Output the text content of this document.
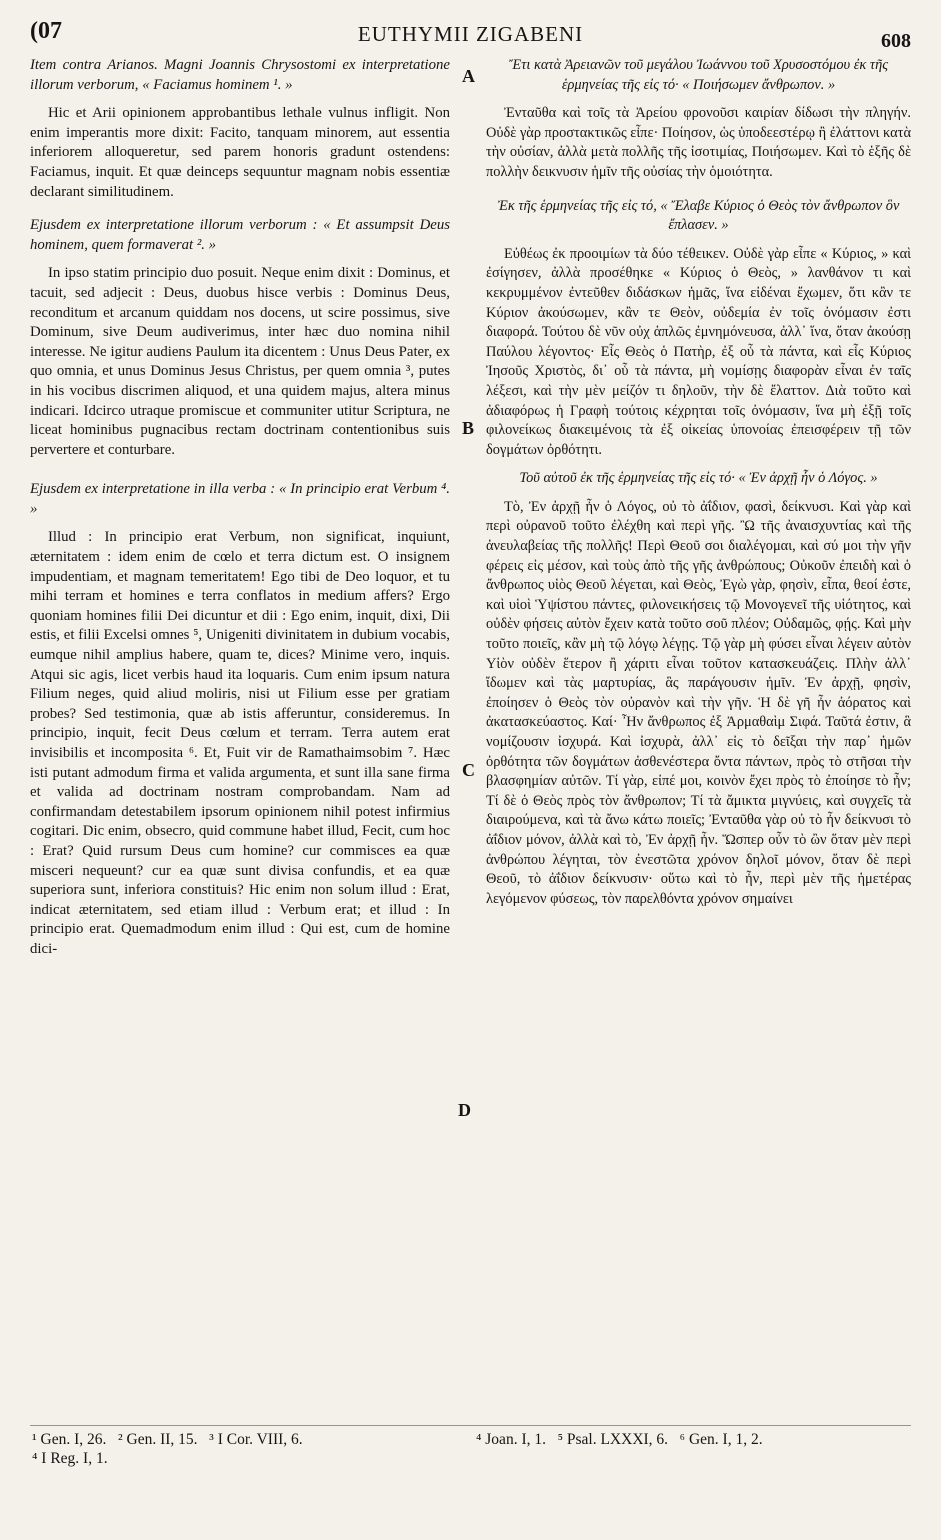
(07	EUTHYMII ZIGABENI	608

Item contra Arianos. Magni Joannis Chrysostomi ex interpretatione illorum verborum, « Faciamus hominem ¹. »

Hic et Arii opinionem approbantibus lethale vulnus infligit. Non enim imperantis more dixit: Facito, tanquam minorem, aut essentia inferiorem alloqueretur, sed parem honoris gradunt ostendens: Faciamus, inquit. Et quæ deinceps sequuntur magnam nobis essentiæ declarant similitudinem.

Ejusdem ex interpretatione illorum verborum : « Et assumpsit Deus hominem, quem formaverat ². »

In ipso statim principio duo posuit. Neque enim dixit : Dominus, et tacuit, sed adjecit : Deus, duobus hisce verbis : Dominus Deus, reconditum et arcanum quiddam nos docens, ut scire possimus, sive Dominum, sive Deum audiverimus, inter hæc duo nomina nihil interesse. Ne igitur audiens Paulum ita dicentem : Unus Deus Pater, ex quo omnia, et unus Dominus Jesus Christus, per quem omnia ³, putes in his vocibus discrimen aliquod, et una quidem majus, altera minus indicari. Idcirco utraque promiscue et communiter utitur Scriptura, ne liceat hominibus pugnacibus rectam doctrinam contentionibus suis pervertere et conturbare.

Ejusdem ex interpretatione in illa verba : « In principio erat Verbum ⁴. »

Illud : In principio erat Verbum, non significat, inquiunt, æternitatem : idem enim de cœlo et terra dictum est. O insignem impudentiam, et magnam temeritatem! Ego tibi de Deo loquor, et tu mihi terram et homines e terra conflatos in medium affers? Ergo quoniam homines filii Dei dicuntur et dii : Ego enim, inquit, dixi, Dii estis, et filii Excelsi omnes ⁵, Unigeniti divinitatem in dubium vocabis, eumque nihil amplius habere, quam te, dices? Minime vero, inquis. Atqui sic agis, licet verbis haud ita loquaris. Cum enim ipsum natura Filium neges, quid aliud moliris, nisi ut Filium esse per gratiam probes? Sed testimonia, quæ ab istis afferuntur, consideremus. In principio, inquit, fecit Deus cœlum et terram. Terra autem erat invisibilis et incomposita ⁶. Et, Fuit vir de Ramathaimsobim ⁷. Hæc isti putant admodum firma et valida argumenta, et sunt illa sane firma et valida ad doctrinam nostram comprobandam. Nam ad confirmandam detestabilem ipsorum opinionem nihil potest infirmius cogitari. Dic enim, obsecro, quid commune habet illud, Fecit, cum hoc : Erat? Quid rursum Deus cum homine? cur commisces ea quæ misceri nequeunt? cur ea quæ sunt divisa confundis, et ea quæ superiora sunt, inferiora constituis? Hic enim non solum illud : Erat, indicat æternitatem, sed etiam illud : Verbum erat; et illud : In principio erat. Quemadmodum enim illud : Qui est, cum de homine dici-

A
B
C
D

Ἔτι κατὰ Ἀρειανῶν τοῦ μεγάλου Ἰωάννου τοῦ Χρυσοστόμου ἐκ τῆς ἑρμηνείας τῆς εἰς τό· « Ποιήσωμεν ἄνθρωπον. »

Ἐνταῦθα καὶ τοῖς τὰ Ἀρείου φρονοῦσι καιρίαν δίδωσι τὴν πληγήν. Οὐδὲ γὰρ προστακτικῶς εἶπε· Ποίησον, ὡς ὑποδεεστέρῳ ἢ ἐλάττονι κατὰ τὴν οὐσίαν, ἀλλὰ μετὰ πολλῆς τῆς ἰσοτιμίας, Ποιήσωμεν. Καὶ τὸ ἑξῆς δὲ πολλὴν δεικνυσιν ἡμῖν τῆς οὐσίας τὴν ὁμοιότητα.

Ἐκ τῆς ἑρμηνείας τῆς εἰς τό, « Ἔλαβε Κύριος ὁ Θεὸς τὸν ἄνθρωπον ὃν ἔπλασεν. »

Εὐθέως ἐκ προοιμίων τὰ δύο τέθεικεν. Οὐδὲ γὰρ εἶπε « Κύριος, » καὶ ἐσίγησεν, ἀλλὰ προσέθηκε « Κύριος ὁ Θεὸς, » λανθάνον τι καὶ κεκρυμμένον ἐντεῦθεν διδάσκων ἡμᾶς, ἵνα εἰδέναι ἔχωμεν, ὅτι κἂν τε Κύριον ἀκούσωμεν, κἂν τε Θεὸν, οὐδεμία ἐν τοῖς ὀνόμασιν ἐστι διαφορά. Τούτου δὲ νῦν οὐχ ἁπλῶς ἐμνημόνευσα, ἀλλ᾽ ἵνα, ὅταν ἀκούσῃ Παύλου λέγοντος· Εἷς Θεὸς ὁ Πατὴρ, ἐξ οὗ τὰ πάντα, καὶ εἷς Κύριος Ἰησοῦς Χριστὸς, δι᾽ οὗ τὰ πάντα, μὴ νομίσῃς διαφορὰν εἶναι ἐν ταῖς λέξεσι, καὶ τὴν μὲν μείζόν τι δηλοῦν, τὴν δὲ ἔλαττον. Διὰ τοῦτο καὶ ἀδιαφόρως ἡ Γραφὴ τούτοις κέχρηται τοῖς ὀνόμασιν, ἵνα μὴ ἐξῇ τοῖς φιλονείκως διακειμένοις τὰ ἐξ οἰκείας ὑπονοίας ἐπεισφέρειν τῇ τῶν δογμάτων ὀρθότητι.

Τοῦ αὐτοῦ ἐκ τῆς ἑρμηνείας τῆς εἰς τό· « Ἐν ἀρχῇ ἦν ὁ Λόγος. »

Τὸ, Ἐν ἀρχῇ ἦν ὁ Λόγος, οὐ τὸ ἀΐδιον, φασὶ, δείκνυσι. Καὶ γὰρ καὶ περὶ οὐρανοῦ τοῦτο ἐλέχθη καὶ περὶ γῆς. Ὢ τῆς ἀναισχυντίας καὶ τῆς ἀνευλαβείας τῆς πολλῆς! Περὶ Θεοῦ σοι διαλέγομαι, καὶ σύ μοι τὴν γῆν φέρεις εἰς μέσον, καὶ τοὺς ἀπὸ τῆς γῆς ἀνθρώπους; Οὐκοῦν ἐπειδὴ καὶ ὁ ἄνθρωπος υἱὸς Θεοῦ λέγεται, καὶ Θεὸς, Ἐγὼ γὰρ, φησὶν, εἶπα, θεοί ἐστε, καὶ υἱοὶ Ὑψίστου πάντες, φιλονεικήσεις τῷ Μονογενεῖ τῆς υἱότητος, καὶ οὐδὲν φήσεις αὐτὸν ἔχειν κατὰ τοῦτο σοῦ πλέον; Οὐδαμῶς, φῄς. Καὶ μὴν τοῦτο ποιεῖς, κἂν μὴ τῷ λόγῳ λέγῃς. Τῷ γὰρ μὴ φύσει εἶναι λέγειν αὐτὸν Υἱὸν οὐδὲν ἕτερον ἢ χάριτι εἶναι τοῦτον κατασκευάζεις. Πλὴν ἀλλ᾽ ἴδωμεν καὶ τὰς μαρτυρίας, ἃς παράγουσιν ἡμῖν. Ἐν ἀρχῇ, φησὶν, ἐποίησεν ὁ Θεὸς τὸν οὐρανὸν καὶ τὴν γῆν. Ἡ δὲ γῆ ἦν ἀόρατος καὶ ἀκατασκεύαστος. Καί· Ἦν ἄνθρωπος ἐξ Ἀρμαθαὶμ Σιφά. Ταῦτά ἐστιν, ἃ νομίζουσιν ἰσχυρά. Καὶ ἰσχυρὰ, ἀλλ᾽ εἰς τὸ δεῖξαι τὴν παρ᾽ ἡμῶν ὀρθότητα τῶν δογμάτων ἀσθενέστερα ὄντα πάντων, πρὸς τὸ στῆσαι τὴν βλασφημίαν αὐτῶν. Τί γὰρ, εἰπέ μοι, κοινὸν ἔχει πρὸς τὸ ἐποίησε τὸ ἦν; Τί δὲ ὁ Θεὸς πρὸς τὸν ἄνθρωπον; Τί τὰ ἄμικτα μιγνύεις, καὶ συγχεῖς τὰ διαιρούμενα, καὶ τὰ ἄνω κάτω ποιεῖς; Ἐνταῦθα γὰρ οὐ τὸ ἦν δείκνυσι τὸ ἀΐδιον μόνον, ἀλλὰ καὶ τὸ, Ἐν ἀρχῇ ἦν. Ὥσπερ οὖν τὸ ὢν ὅταν μὲν περὶ ἀνθρώπου λέγηται, τὸν ἐνεστῶτα χρόνον δηλοῖ μόνον, ὅταν δὲ περὶ Θεοῦ, τὸ ἀΐδιον δείκνυσιν· οὕτω καὶ τὸ ἦν, περὶ μὲν τῆς ἡμετέρας λεγόμενον φύσεως, τὸν παρελθόντα χρόνον σημαίνει

¹ Gen. I, 26.   ² Gen. II, 15.   ³ I Cor. VIII, 6.
⁴ I Reg. I, 1.
⁴ Joan. I, 1.   ⁵ Psal. LXXXI, 6.   ⁶ Gen. I, 1, 2.
